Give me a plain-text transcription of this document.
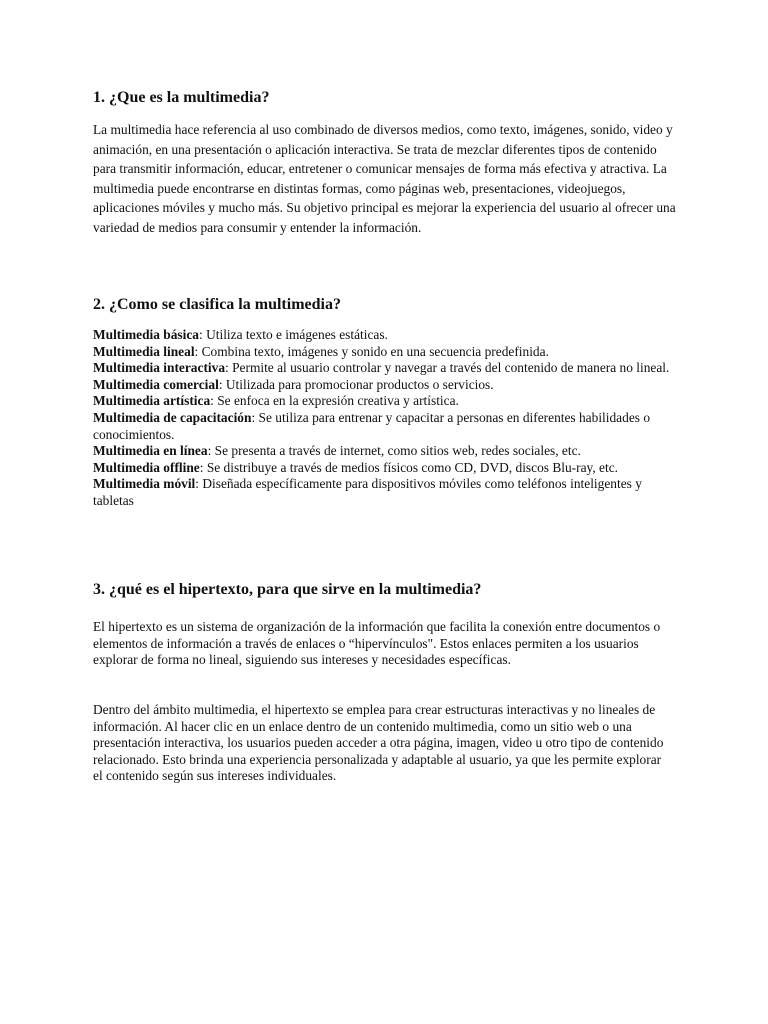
1. ¿Que es la multimedia?

La multimedia hace referencia al uso combinado de diversos medios, como texto, imágenes, sonido, video y animación, en una presentación o aplicación interactiva. Se trata de mezclar diferentes tipos de contenido para transmitir información, educar, entretener o comunicar mensajes de forma más efectiva y atractiva. La multimedia puede encontrarse en distintas formas, como páginas web, presentaciones, videojuegos, aplicaciones móviles y mucho más. Su objetivo principal es mejorar la experiencia del usuario al ofrecer una variedad de medios para consumir y entender la información.

2. ¿Como se clasifica la multimedia?
Multimedia básica: Utiliza texto e imágenes estáticas.
Multimedia lineal: Combina texto, imágenes y sonido en una secuencia predefinida.
Multimedia interactiva: Permite al usuario controlar y navegar a través del contenido de manera no lineal.
Multimedia comercial: Utilizada para promocionar productos o servicios.
Multimedia artística: Se enfoca en la expresión creativa y artística.
Multimedia de capacitación: Se utiliza para entrenar y capacitar a personas en diferentes habilidades o conocimientos.
Multimedia en línea: Se presenta a través de internet, como sitios web, redes sociales, etc.
Multimedia offline: Se distribuye a través de medios físicos como CD, DVD, discos Blu-ray, etc.
Multimedia móvil: Diseñada específicamente para dispositivos móviles como teléfonos inteligentes y tabletas
3. ¿qué es el hipertexto, para que sirve en la multimedia?

El hipertexto es un sistema de organización de la información que facilita la conexión entre documentos o elementos de información a través de enlaces o “hipervínculos". Estos enlaces permiten a los usuarios explorar de forma no lineal, siguiendo sus intereses y necesidades específicas.

Dentro del ámbito multimedia, el hipertexto se emplea para crear estructuras interactivas y no lineales de información. Al hacer clic en un enlace dentro de un contenido multimedia, como un sitio web o una presentación interactiva, los usuarios pueden acceder a otra página, imagen, video u otro tipo de contenido relacionado. Esto brinda una experiencia personalizada y adaptable al usuario, ya que les permite explorar el contenido según sus intereses individuales.
